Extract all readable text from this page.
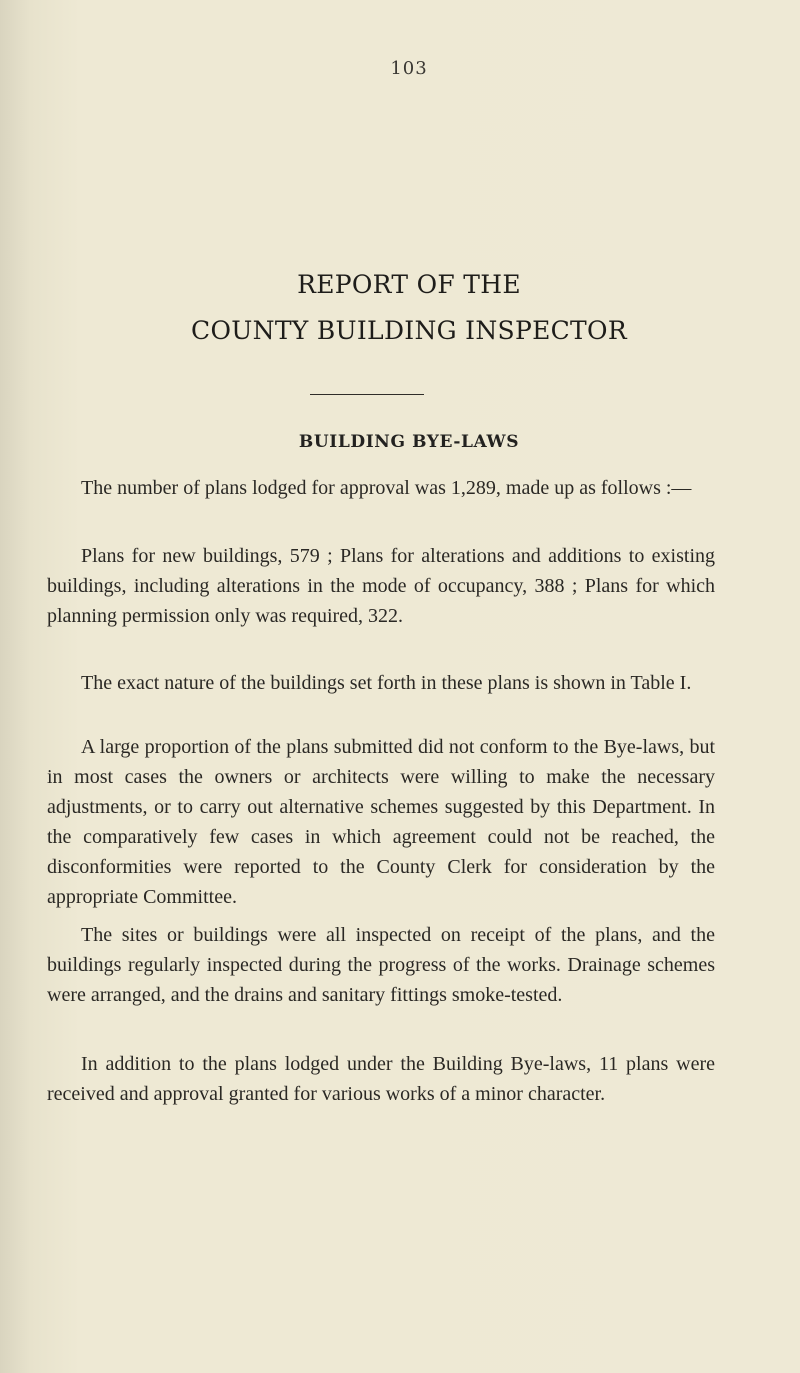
103
REPORT OF THE
COUNTY BUILDING INSPECTOR
BUILDING BYE-LAWS
The number of plans lodged for approval was 1,289, made up as follows :—
Plans for new buildings, 579 ; Plans for alterations and additions to existing buildings, including alterations in the mode of occupancy, 388 ; Plans for which planning permission only was required, 322.
The exact nature of the buildings set forth in these plans is shown in Table I.
A large proportion of the plans submitted did not conform to the Bye-laws, but in most cases the owners or architects were willing to make the necessary adjustments, or to carry out alternative schemes suggested by this Department. In the comparatively few cases in which agreement could not be reached, the disconformities were reported to the County Clerk for consideration by the appropriate Committee.
The sites or buildings were all inspected on receipt of the plans, and the buildings regularly inspected during the progress of the works. Drainage schemes were arranged, and the drains and sanitary fittings smoke-tested.
In addition to the plans lodged under the Building Bye-laws, 11 plans were received and approval granted for various works of a minor character.
